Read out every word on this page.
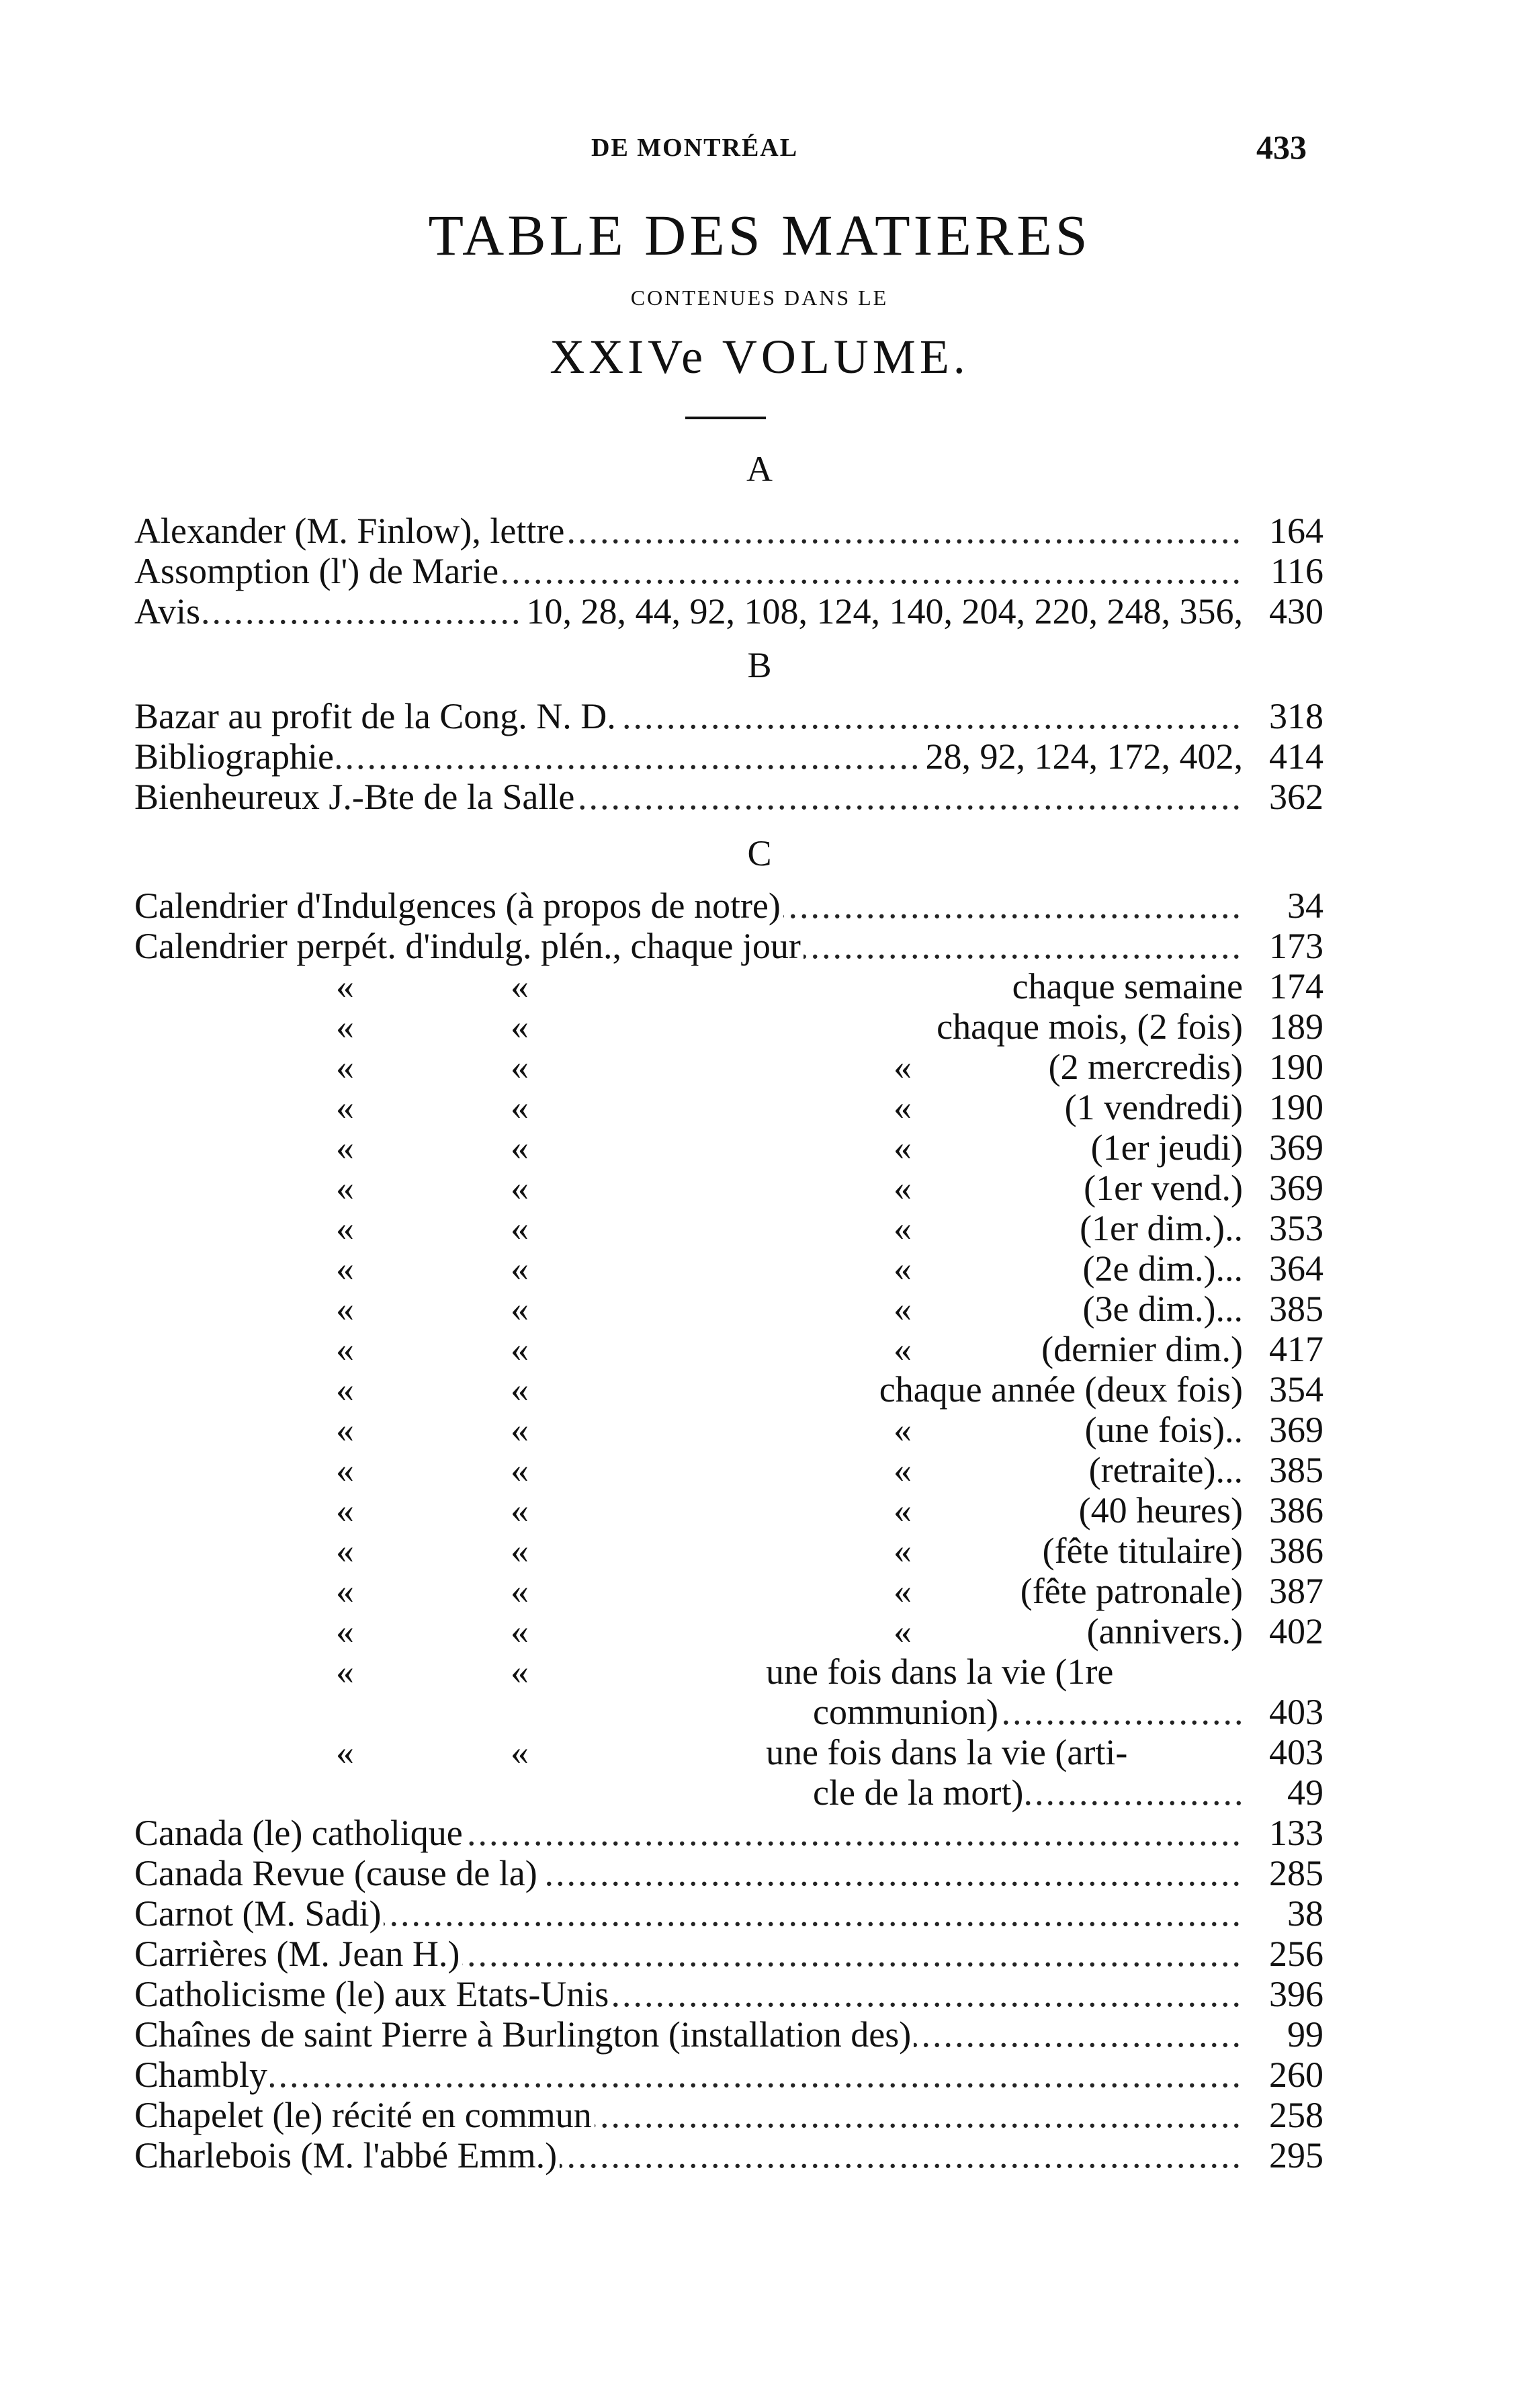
DE MONTRÉAL	433
TABLE DES MATIERES
CONTENUES DANS LE
XXIVe VOLUME.
A
.....
Alexander (M. Finlow), lettre	164
.....
Assomption (l') de Marie	116
.....
Avis	10, 28, 44, 92, 108, 124, 140, 204, 220, 248, 356, 430
B
.....
Bazar au profit de la Cong. N. D.	318
.....
Bibliographie	28, 92, 124, 172, 402, 414
.....
Bienheureux J.-Bte de la Salle	362
C
.....
Calendrier d'Indulgences (à propos de notre)	34
.....
Calendrier perpét. d'indulg. plén., chaque jour	173
«	«	chaque semaine 174
«	«	chaque mois, (2 fois) 189
«	«	«	(2 mercredis) 190
«	«	«	(1 vendredi) 190
«	«	«	(1er jeudi) 369
«	«	«	(1er vend.) 369
«	«	«	(1er dim.).. 353
«	«	«	(2e dim.)... 364
«	«	«	(3e dim.)... 385
«	«	«	(dernier dim.) 417
«	«	chaque année (deux fois) 354
«	«	«	(une fois).. 369
«	«	«	(retraite)... 385
«	«	«	(40 heures) 386
«	«	«	(fête titulaire) 386
«	«	«	(fête patronale) 387
«	«	«	(annivers.) 402
«	«	une fois dans la vie (1re
.....
communion)	403
«	«	une fois dans la vie (arti-	403
.....
cle de la mort)	49
.....
Canada (le) catholique	133
.....
Canada Revue (cause de la)	285
.....
Carnot (M. Sadi)	38
.....
Carrières (M. Jean H.)	256
.....
Catholicisme (le) aux Etats-Unis	396
.....
Chaînes de saint Pierre à Burlington (installation des)	99
.....
Chambly	260
.....
Chapelet (le) récité en commun	258
.....
Charlebois (M. l'abbé Emm.)	295
